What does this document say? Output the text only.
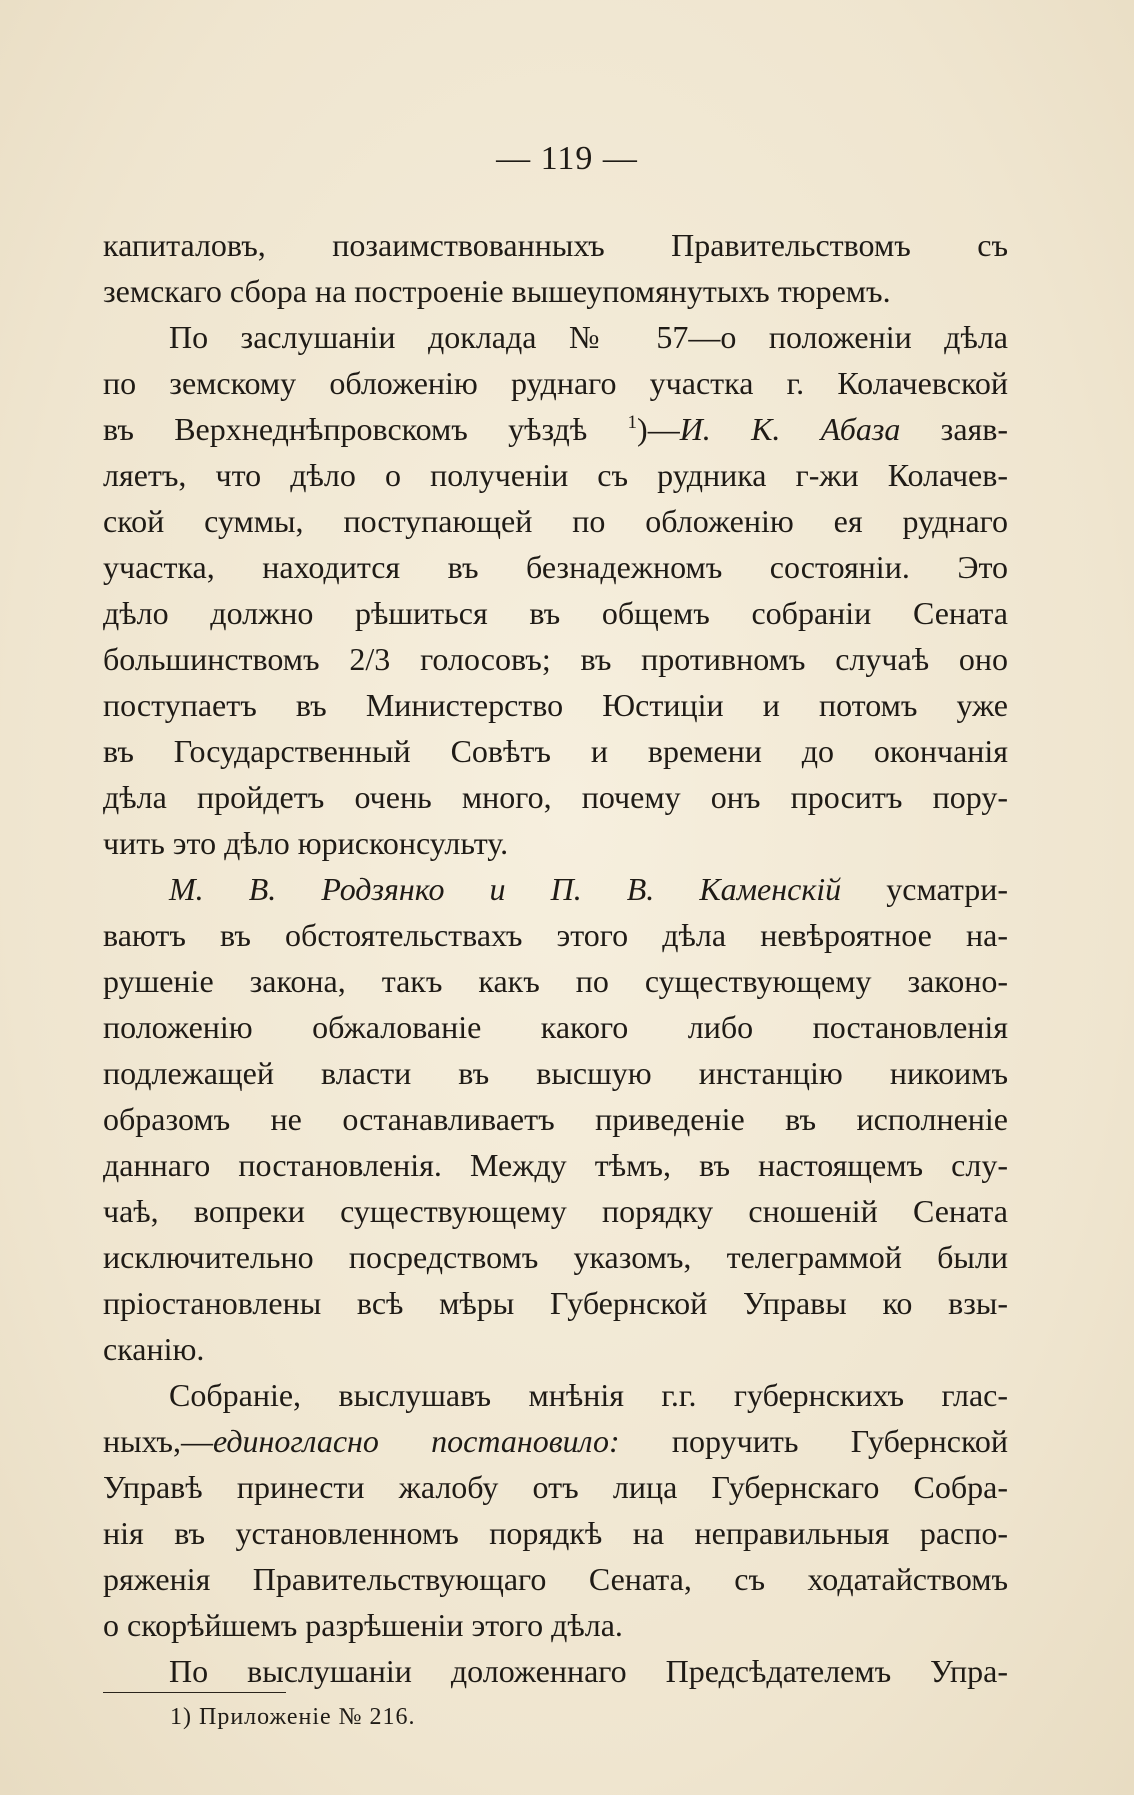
— 119 —
капиталовъ, позаимствованныхъ Правительствомъ съ
земскаго сбора на построеніе вышеупомянутыхъ тюремъ.
По заслушаніи доклада № 57—о положеніи дѣла
по земскому обложенію руднаго участка г. Колачевской
въ Верхнеднѣпровскомъ уѣздѣ $^1$)—И. К. Абаза заяв-
ляетъ, что дѣло о полученіи съ рудника г-жи Колачев-
ской суммы, поступающей по обложенію ея руднаго
участка, находится въ безнадежномъ состояніи. Это
дѣло должно рѣшиться въ общемъ собраніи Сената
большинствомъ 2/3 голосовъ; въ противномъ случаѣ оно
поступаетъ въ Министерство Юстиціи и потомъ уже
въ Государственный Совѣтъ и времени до окончанія
дѣла пройдетъ очень много, почему онъ проситъ пору-
чить это дѣло юрисконсульту.
М. В. Родзянко и П. В. Каменскій усматри-
ваютъ въ обстоятельствахъ этого дѣла невѣроятное на-
рушеніе закона, такъ какъ по существующему законо-
положенію обжалованіе какого либо постановленія
подлежащей власти въ высшую инстанцію никоимъ
образомъ не останавливаетъ приведеніе въ исполненіе
даннаго постановленія. Между тѣмъ, въ настоящемъ слу-
чаѣ, вопреки существующему порядку сношеній Сената
исключительно посредствомъ указомъ, телеграммой были
пріостановлены всѣ мѣры Губернской Управы ко взы-
сканію.
Собраніе, выслушавъ мнѣнія г.г. губернскихъ глас-
ныхъ,—единогласно постановило: поручить Губернской
Управѣ принести жалобу отъ лица Губернскаго Собра-
нія въ установленномъ порядкѣ на неправильныя распо-
ряженія Правительствующаго Сената, съ ходатайствомъ
о скорѣйшемъ разрѣшеніи этого дѣла.
По выслушаніи доложеннаго Предсѣдателемъ Упра-
1) Приложеніе № 216.
